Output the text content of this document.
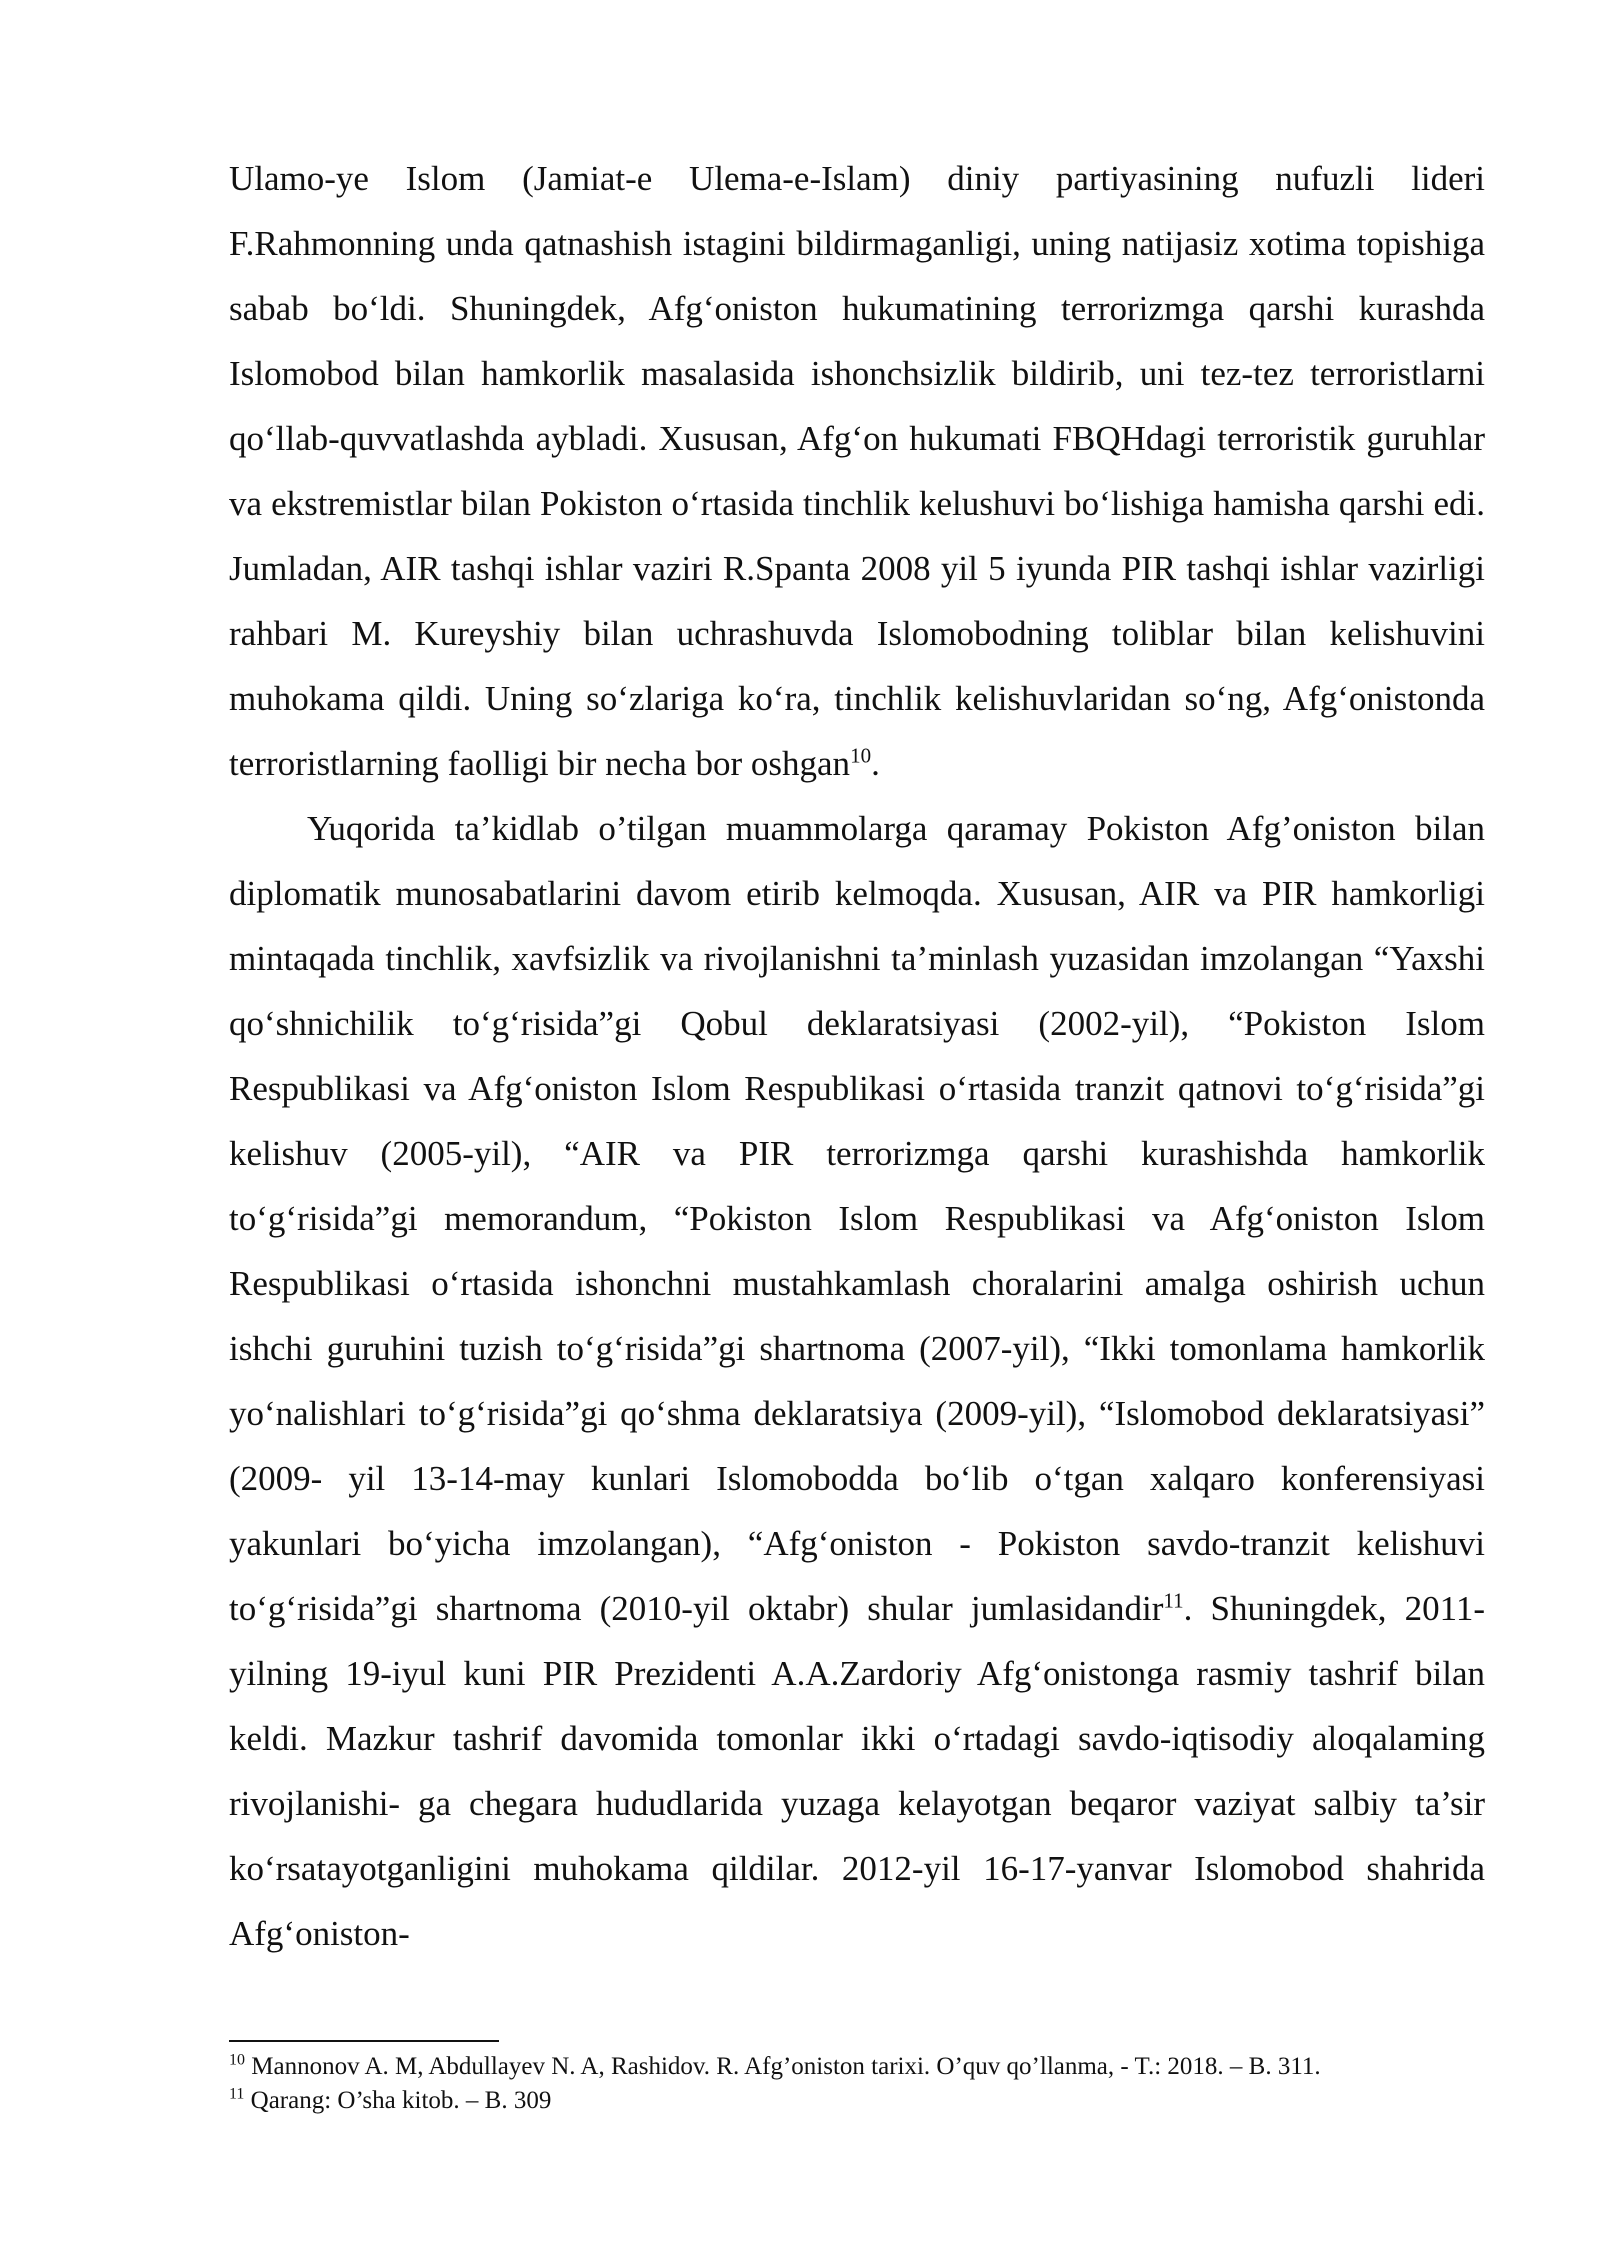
Ulamo-ye Islom (Jamiat-e Ulema-e-Islam) diniy partiyasining nufuzli lideri F.Rahmonning unda qatnashish istagini bildirmaganligi, uning natijasiz xotima topishiga sabab bo‘ldi. Shuningdek, Afg‘oniston hukumatining terrorizmga qarshi kurashda Islomobod bilan hamkorlik masalasida ishonchsizlik bildirib, uni tez-tez terroristlarni qo‘llab-quvvatlashda aybladi. Xususan, Afg‘on hukumati FBQHdagi terroristik guruhlar va ekstremistlar bilan Pokiston o‘rtasida tinchlik kelushuvi bo‘lishiga hamisha qarshi edi. Jumladan, AIR tashqi ishlar vaziri R.Spanta 2008 yil 5 iyunda PIR tashqi ishlar vazirligi rahbari M. Kureyshiy bilan uchrashuvda Islomobodning toliblar bilan kelishuvini muhokama qildi. Uning so‘zlariga ko‘ra, tinchlik kelishuvlaridan so‘ng, Afg‘onistonda terroristlarning faolligi bir necha bor oshgan$^{10}$.

Yuqorida ta’kidlab o’tilgan muammolarga qaramay Pokiston Afg’oniston bilan diplomatik munosabatlarini davom etirib kelmoqda. Xususan, AIR va PIR hamkorligi mintaqada tinchlik, xavfsizlik va rivojlanishni ta’minlash yuzasidan imzolangan “Yaxshi qo‘shnichilik to‘g‘risida”gi Qobul deklaratsiyasi (2002-yil), “Pokiston Islom Respublikasi va Afg‘oniston Islom Respublikasi o‘rtasida tranzit qatnovi to‘g‘risida”gi kelishuv (2005-yil), “AIR va PIR terrorizmga qarshi kurashishda hamkorlik to‘g‘risida”gi memorandum, “Pokiston Islom Respublikasi va Afg‘oniston Islom Respublikasi o‘rtasida ishonchni mustahkamlash choralarini amalga oshirish uchun ishchi guruhini tuzish to‘g‘risida”gi shartnoma (2007-yil), “Ikki tomonlama hamkorlik yo‘nalishlari to‘g‘risida”gi qo‘shma deklaratsiya (2009-yil), “Islomobod deklaratsiyasi” (2009- yil 13-14-may kunlari Islomobodda bo‘lib o‘tgan xalqaro konferensiyasi yakunlari bo‘yicha imzolangan), “Afg‘oniston - Pokiston savdo-tranzit kelishuvi to‘g‘risida”gi shartnoma (2010-yil oktabr) shular jumlasidandir$^{11}$. Shuningdek, 2011-yilning 19-iyul kuni PIR Prezidenti A.A.Zardoriy Afg‘onistonga rasmiy tashrif bilan keldi. Mazkur tashrif davomida tomonlar ikki o‘rtadagi savdo-iqtisodiy aloqalaming rivojlanishi- ga chegara hududlarida yuzaga kelayotgan beqaror vaziyat salbiy ta’sir ko‘rsatayotganligini muhokama qildilar. 2012-yil 16-17-yanvar Islomobod shahrida Afg‘oniston-

$^{10}$ Mannonov A. M, Abdullayev N. A, Rashidov. R. Afg’oniston tarixi. O’quv qo’llanma, - T.: 2018. – B. 311.

$^{11}$ Qarang: O’sha kitob. – B. 309
